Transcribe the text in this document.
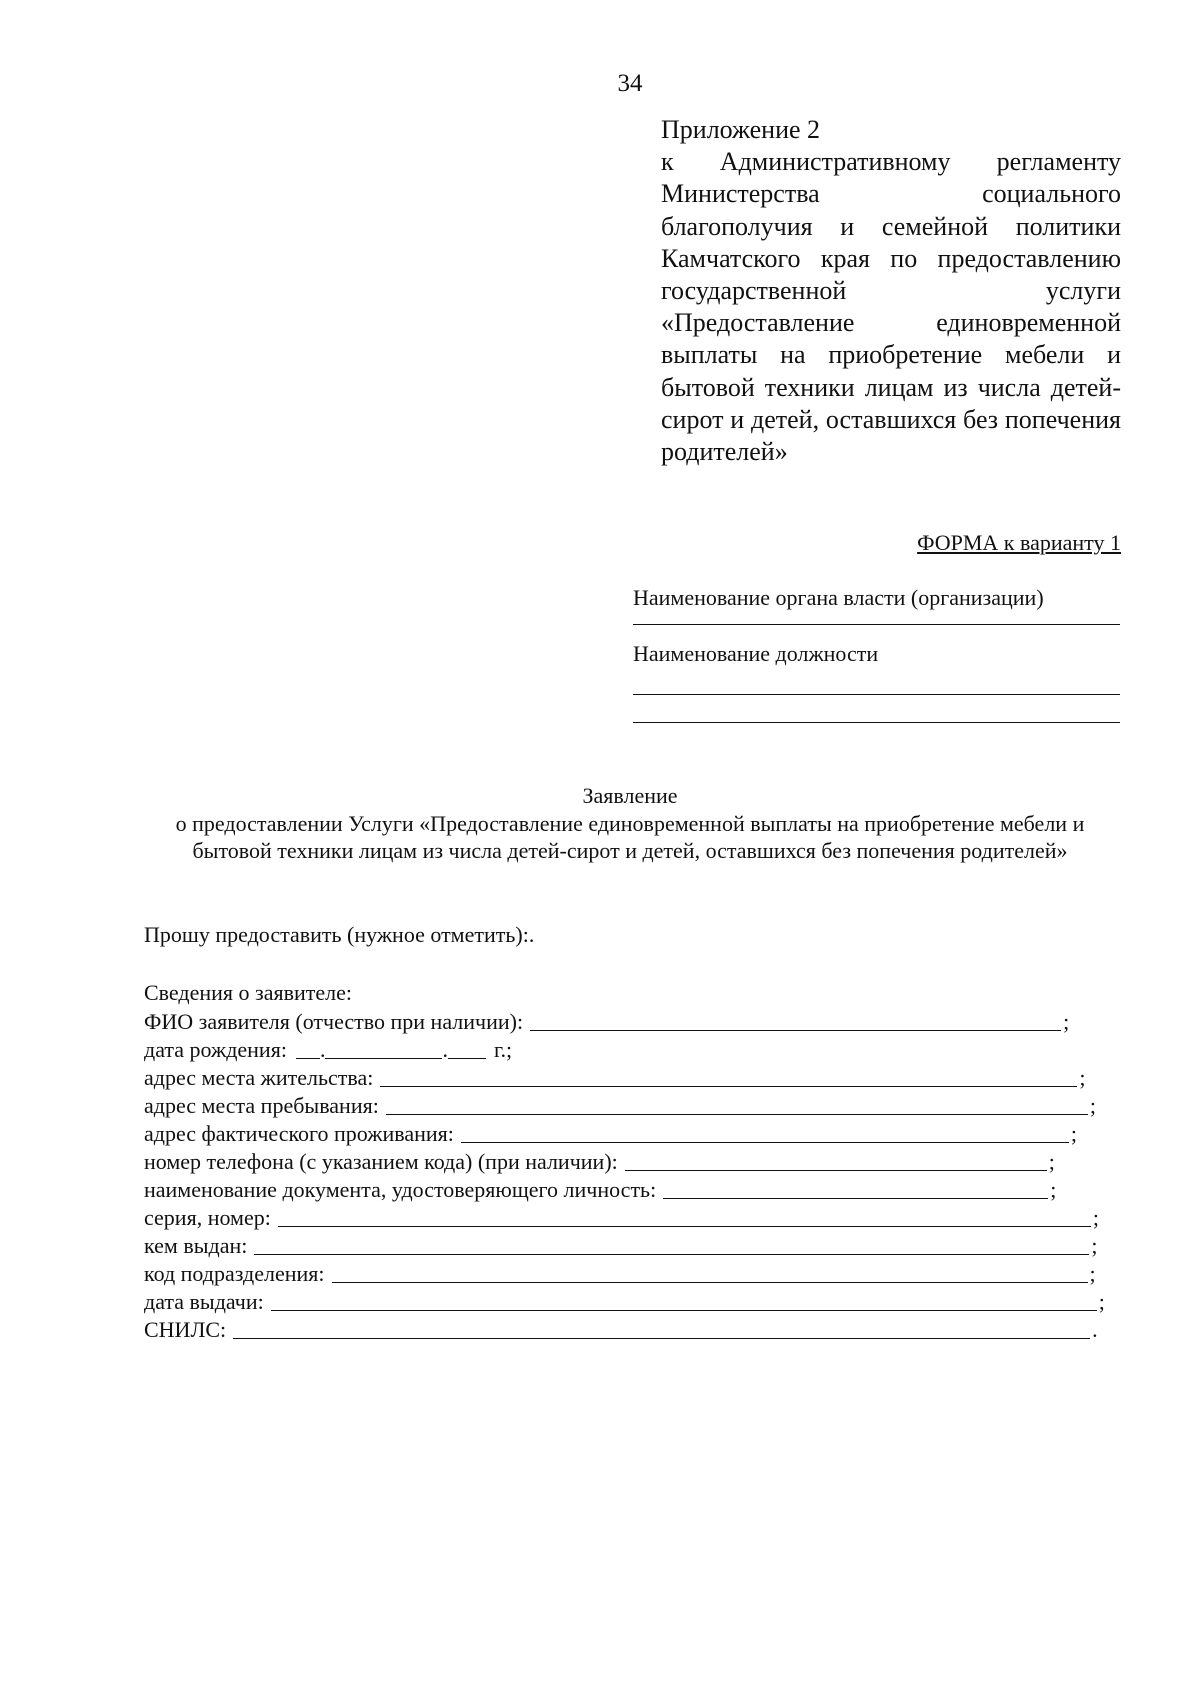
34
Приложение 2
к Административному регламенту Министерства социального благополучия и семейной политики Камчатского края по предоставлению государственной услуги «Предоставление единовременной выплаты на приобретение мебели и бытовой техники лицам из числа детей-сирот и детей, оставшихся без попечения родителей»
ФОРМА к варианту 1
Наименование органа власти (организации)
Наименование должности
Заявление
о предоставлении Услуги «Предоставление единовременной выплаты на приобретение мебели и бытовой техники лицам из числа детей-сирот и детей, оставшихся без попечения родителей»
Прошу предоставить (нужное отметить):.
Сведения о заявителе:
ФИО заявителя (отчество при наличии):	;
дата рождения: .	. г.;
адрес места жительства:	;
адрес места пребывания:	;
адрес фактического проживания:	;
номер телефона (с указанием кода) (при наличии):	;
наименование документа, удостоверяющего личность:	;
серия, номер:	;
кем выдан:	;
код подразделения:	;
дата выдачи:	;
СНИЛС:	.
